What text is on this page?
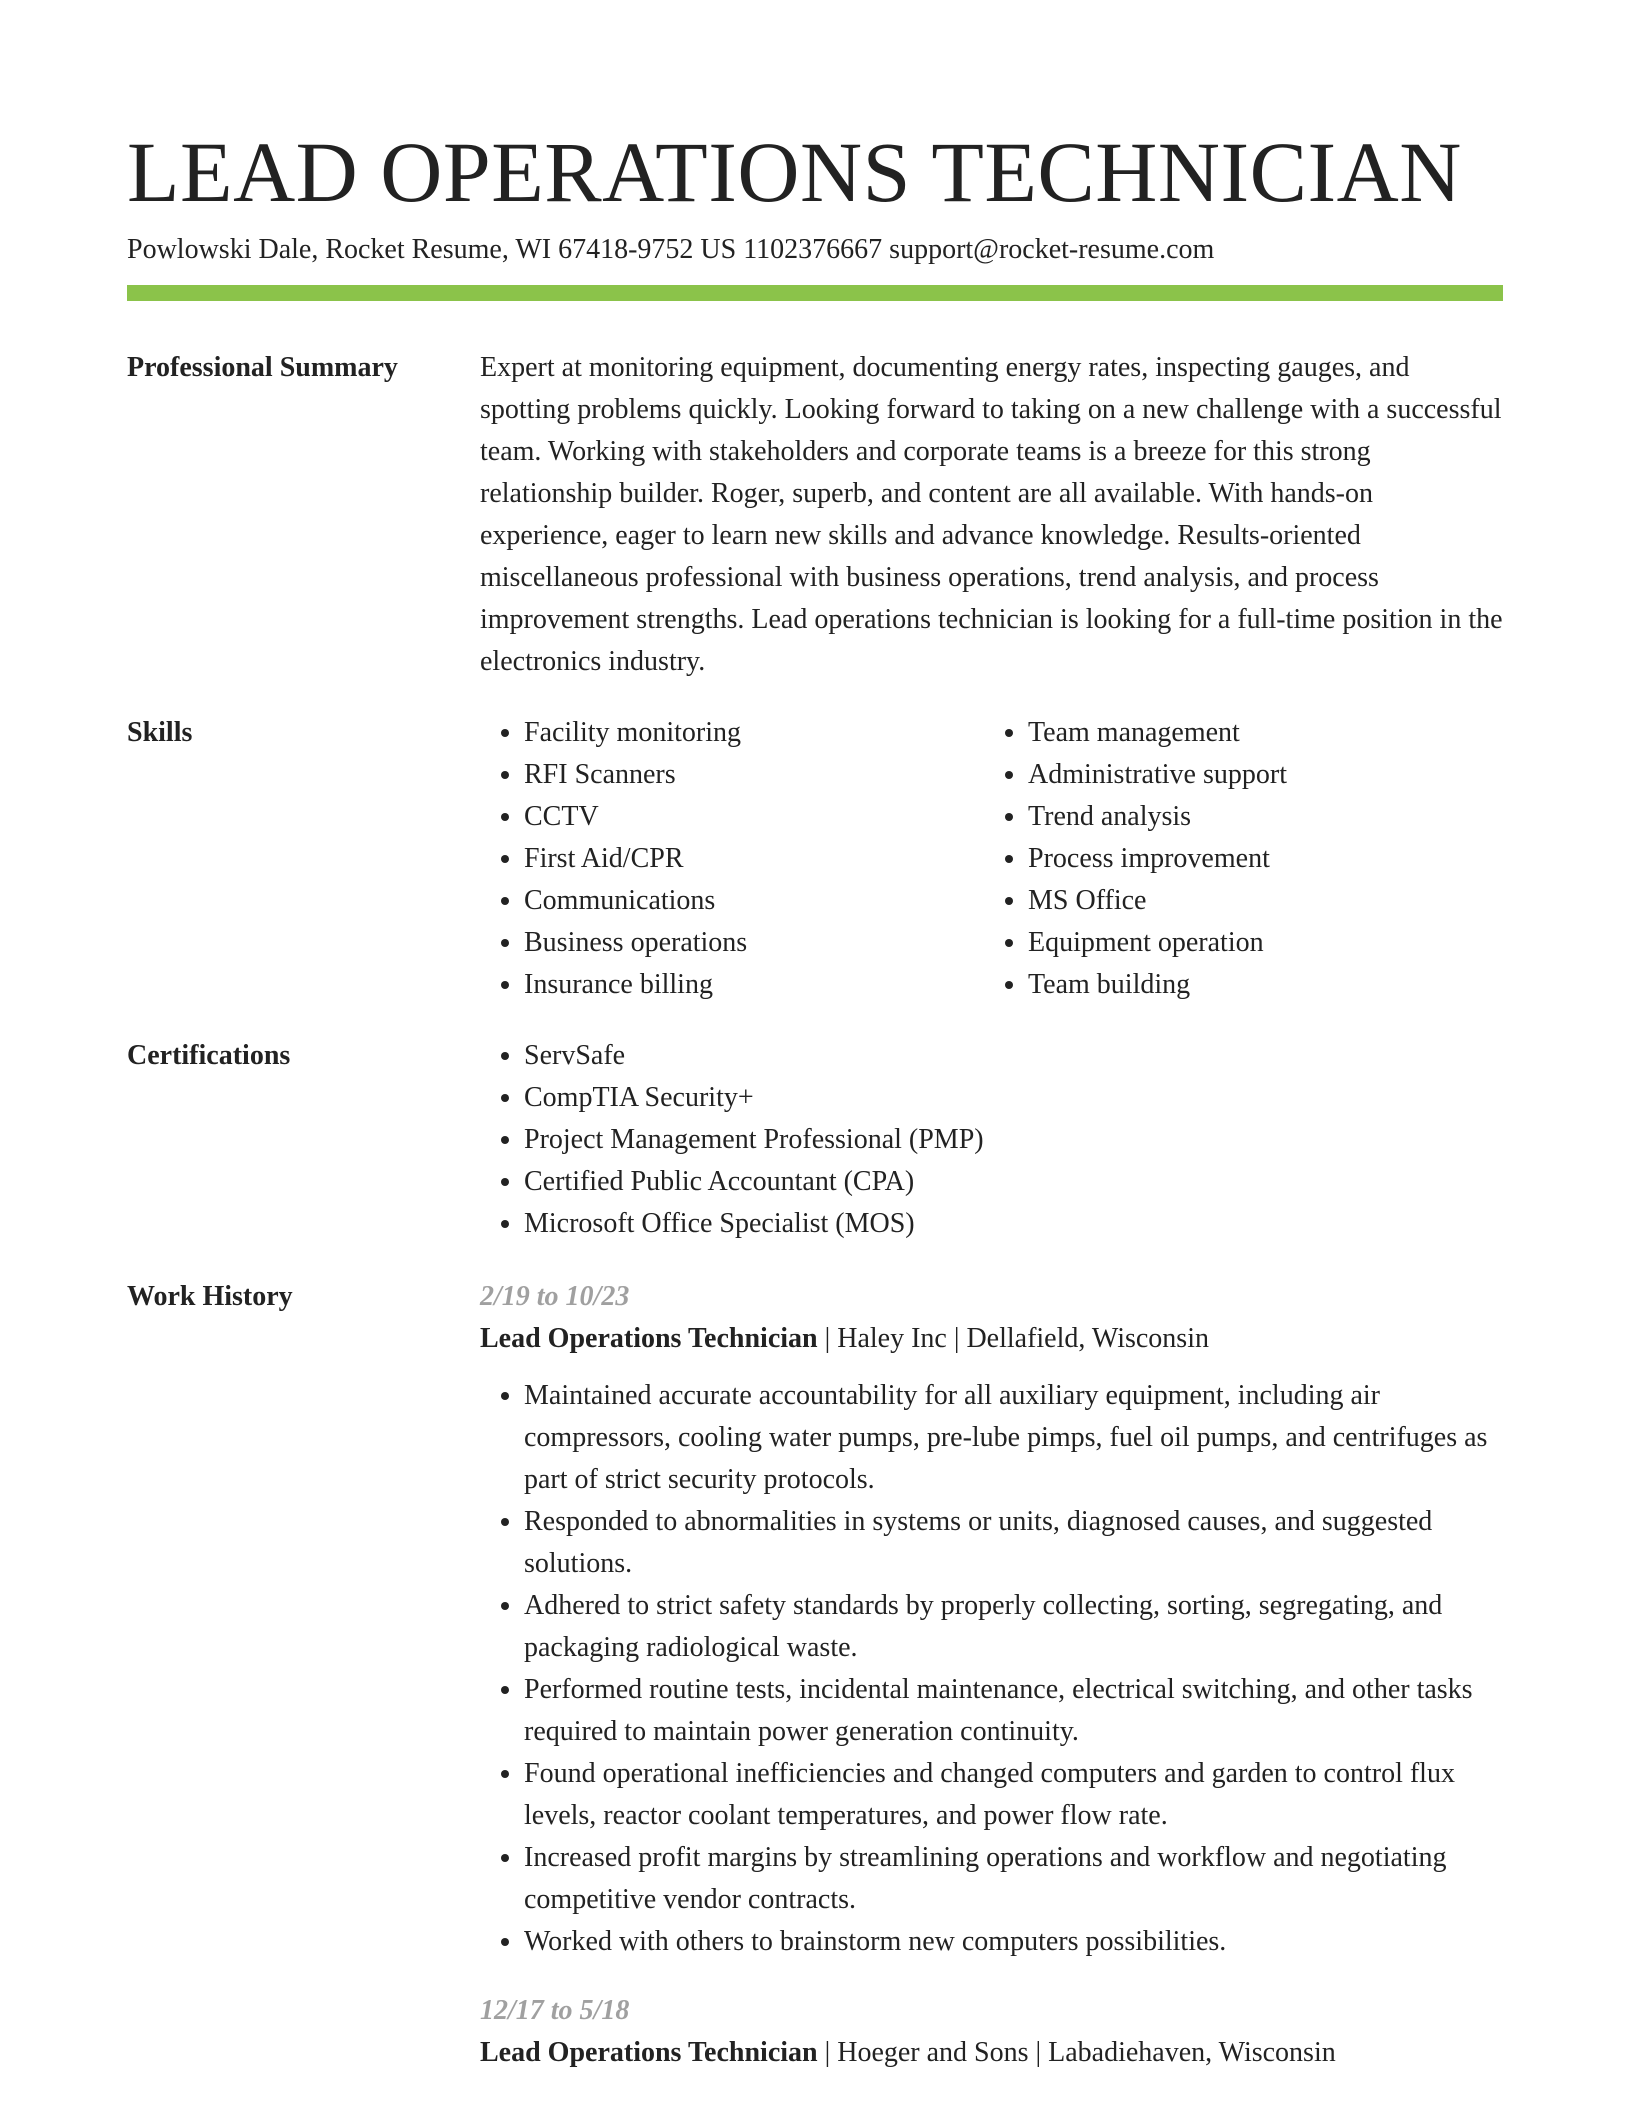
LEAD OPERATIONS TECHNICIAN
Powlowski Dale, Rocket Resume, WI 67418-9752 US 1102376667 support@rocket-resume.com
Professional Summary	Expert at monitoring equipment, documenting energy rates, inspecting gauges, and spotting problems quickly. Looking forward to taking on a new challenge with a successful team. Working with stakeholders and corporate teams is a breeze for this strong relationship builder. Roger, superb, and content are all available. With hands-on experience, eager to learn new skills and advance knowledge. Results-oriented miscellaneous professional with business operations, trend analysis, and process improvement strengths. Lead operations technician is looking for a full-time position in the electronics industry.

Skills	• Facility monitoring
• RFI Scanners
• CCTV
• First Aid/CPR
• Communications
• Business operations
• Insurance billing
• Team management
• Administrative support
• Trend analysis
• Process improvement
• MS Office
• Equipment operation
• Team building
Certifications	• ServSafe
• CompTIA Security+
• Project Management Professional (PMP)
• Certified Public Accountant (CPA)
• Microsoft Office Specialist (MOS)
Work History	2/19 to 10/23
Lead Operations Technician | Haley Inc | Dellafield, Wisconsin
• Maintained accurate accountability for all auxiliary equipment, including air compressors, cooling water pumps, pre-lube pimps, fuel oil pumps, and centrifuges as part of strict security protocols.
• Responded to abnormalities in systems or units, diagnosed causes, and suggested solutions.
• Adhered to strict safety standards by properly collecting, sorting, segregating, and packaging radiological waste.
• Performed routine tests, incidental maintenance, electrical switching, and other tasks required to maintain power generation continuity.
• Found operational inefficiencies and changed computers and garden to control flux levels, reactor coolant temperatures, and power flow rate.
• Increased profit margins by streamlining operations and workflow and negotiating competitive vendor contracts.
• Worked with others to brainstorm new computers possibilities.
12/17 to 5/18
Lead Operations Technician | Hoeger and Sons | Labadiehaven, Wisconsin
